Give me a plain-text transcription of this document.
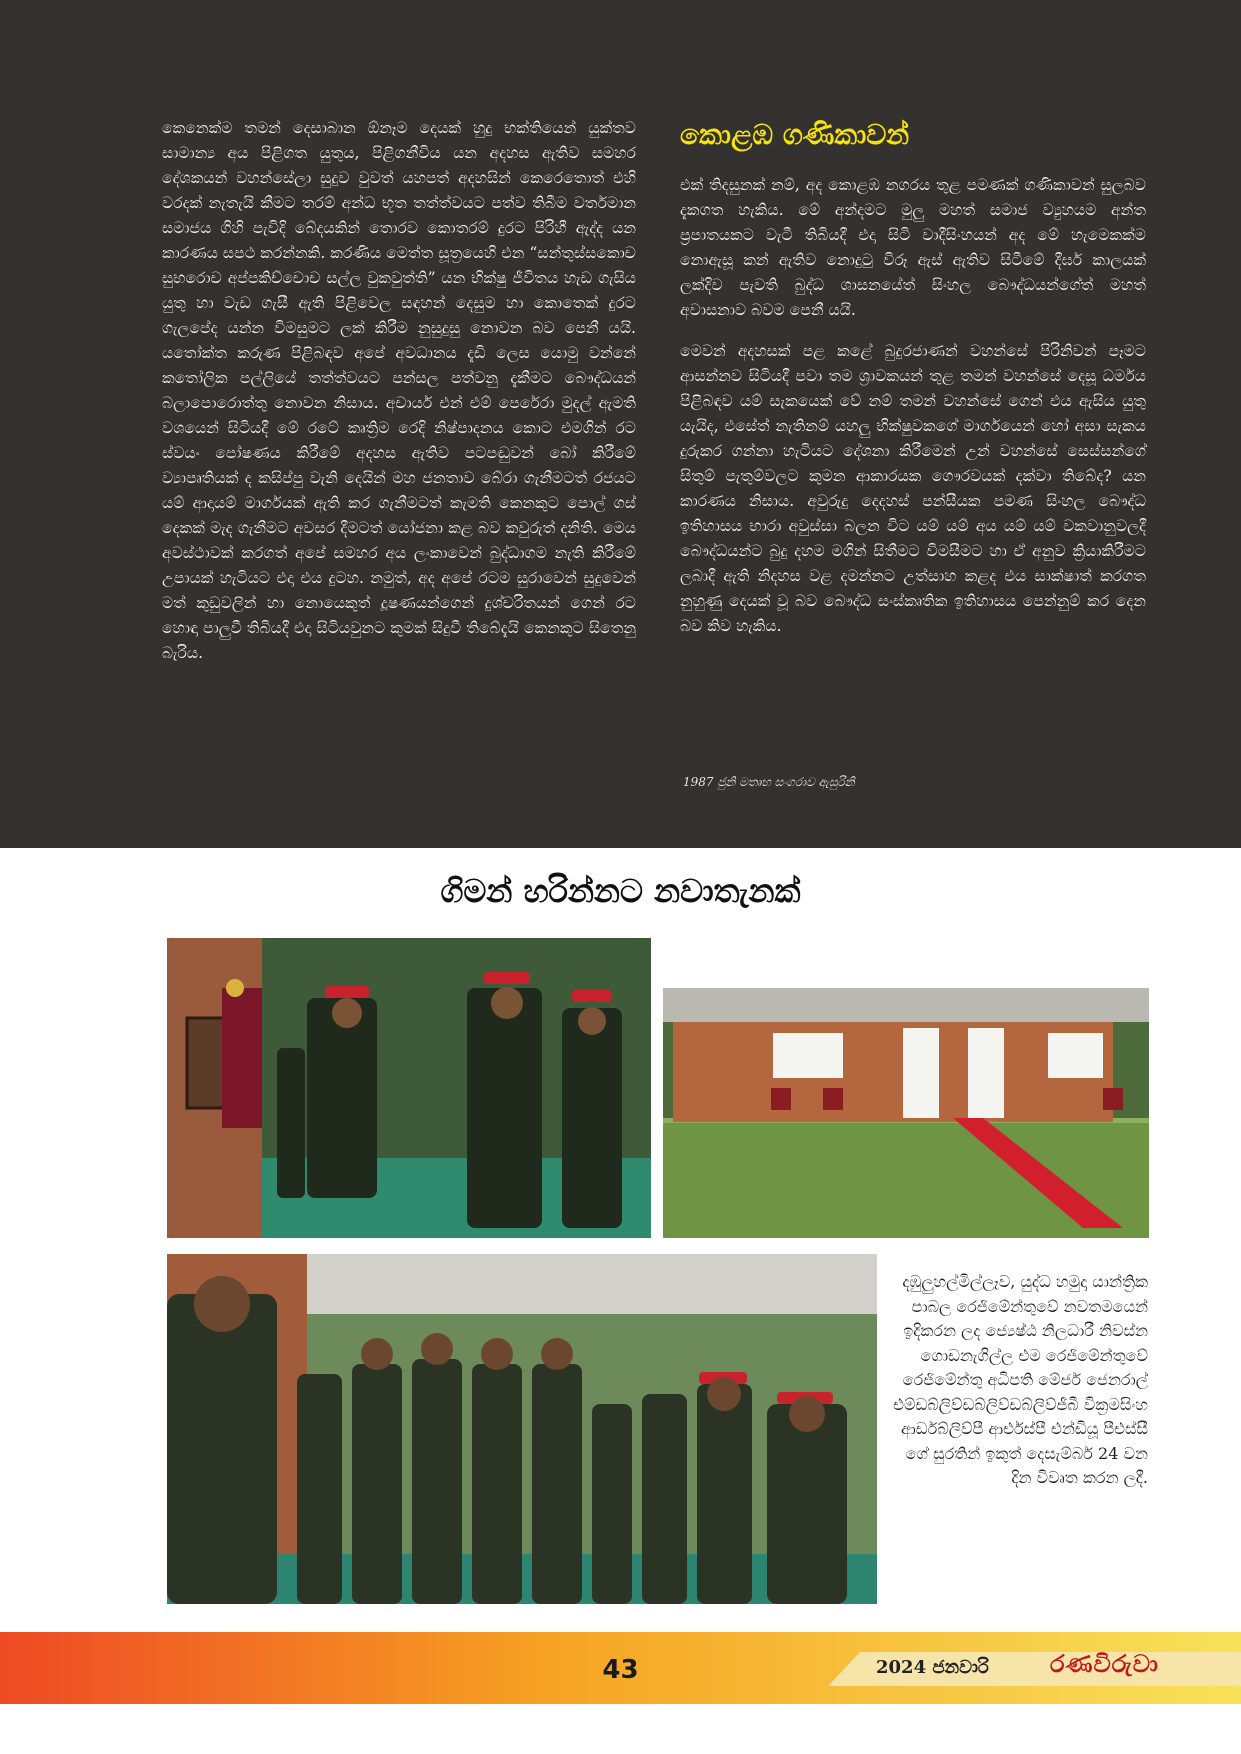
කෙනෙක්ම තමන් දෙසාබාන ඕනෑම දෙයක් හුදු භක්තියෙන් යුක්තව සාමාන්‍ය අය පිළිගත යුතුය, පිළිගනීවිය යන අදහස ඇතිව සමහර දේශකයන් වහන්සේලා සුදුව වුවත් යහපත් අදහසින් කෙරෙතොත් එහි වරදක් නැතැයි කීමට තරම් අන්ධ භූත තත්ත්වයට පත්ව තිබීම වර්තමාන සමාජය ගිහි පැවිදි බේදයකින් තොරව කොතරම් දුරට පිරිහී ඇද්ද යන කාරණය සපථ කරන්නකි. කරණිය මෙත්ත සූත්‍රයෙහි එන “සන්තුස්සකොච සුභරොච අප්පකිච්චොච සල්ල වුකවුත්ති” යන භික්ෂු ජීවිතය හැඩ ගැසිය යුතු හා වැඩ ගැසී ඇති පිළිවෙල සඳහන් දෙසුම හා කොතෙක් දුරට ගැලපේද යන්න විමසුමට ලක් කිරීම නුසුදුසු නොවන බව පෙනී යයි. යතෝක්ත කරුණ පිළිබඳව අපේ අවධානය දැඩි ලෙස යොමු වන්නේ කතෝලික පල්ලියේ තත්ත්වයට පන්සල පත්වනු දැකීමට බෞද්ධයන් බලාපොරොත්තු නොවන නිසාය. අචාර්ය එන් එම් පෙරේරා මුදල් ඇමති වශයෙන් සිටියදී මේ රටේ කෘත්‍රිම රෙදි නිෂ්පාදනය කොට එමගින් රට ස්වයං පෝෂණය කිරීමේ අදහස ඇතිව පටපඬුවන් බෝ කිරීමේ ව්‍යාපෘතියක් ද කසිප්පු වැනි දෙයින් මහ ජනතාව බේරා ගැනීමටත් රජයට යම් ආදායම් මාර්ගයක් ඇති කර ගැනීමටත් කැමති කෙනකුට පොල් ගස් දෙකක් මැද ගැනීමට අවසර දීමටත් යෝජනා කළ බව කවුරුත් දනිති. මෙය අවස්ථාවක් කරගත් අපේ සමහර අය ලංකාවෙන් බුද්ධාගම නැති කිරීමේ උපායක් හැටියට එදා එය දුටහ. නමුත්, අද අපේ රටම සුරාවෙන් සුදුවෙන් මත් කුඩුවලින් හා නොයෙකුත් දූෂණයන්ගෙන් දුශ්චරිතයන් ගෙන් රට හොඳා පාලුවී තිබියදී එදා සිටියවුනට කුමක් සිදුවී තිබේදැයි කෙනකුට සිතෙනු බැරිය.

කොළඹ ගණිකාවන්

එක් තිදසුනක් නම්, අද කොළඹ නගරය තුළ පමණක් ගණිකාවන් සුලබව දැකගත හැකිය. මේ අන්දමට මුලු මහත් සමාජ ව්‍යුහයම අන්ත ප්‍රපාතයකට වැටී තිබියදී එදා සිටි වාදීසිංහයන් අද මේ හැමෙකක්ම නොඇසූ කන් ඇතිව නොදුටු විරූ ඇස් ඇතිව සිටීමේ දීර්ඝ කාලයක් ලක්දිව පැවති බුද්ධ ශාසනයේත් සිංහල බෞද්ධයන්ගේත් මහත් අවාසනාව බවම පෙනී යයි.

මෙවන් අදහසක් පළ කළේ බුදුරජාණන් වහන්සේ පිරිනිවන් පෑමට ආසන්නව සිටියදී පවා තම ශ්‍රාවකයන් තුළ තමන් වහන්සේ දෙසූ ධර්මය පිළිබඳව යම් සැකයෙක් වේ නම් තමන් වහන්සේ ගෙන් එය ඇසිය යුතු යැයිද, එසේත් නැතිනම් යහලු භික්ෂුවකගේ මාර්ගයෙන් හෝ අසා සැකය දුරුකර ගන්නා හැටියට දේශනා කිරීමෙන් උන් වහන්සේ සෙස්සන්ගේ සිතුම් පැතුම්වලට කුමන ආකාරයක ගෞරවයක් දක්වා තිබේද? යන කාරණය නිසාය. අවුරුදු දෙදහස් පන්සීයක පමණ සිංහල බෞද්ධ ඉතිහාසය භාරා අවුස්සා බලන විට යම් යම් අය යම් යම් වකවානුවලදී බෞද්ධයන්ට බුදු දහම මගින් සිතීමට විමසීමට හා ඒ අනුව ක්‍රියාකිරීමට ලබාදී ඇති නිදහස වළ දමන්නට උත්සාහ කළද එය සාක්ෂාත් කරගත නුහුණු දෙයක් වූ බව බෞද්ධ සංස්කෘතික ඉතිහාසය පෙන්නුම් කර දෙන බව කිව හැකිය.

1987 ජුනි මතෘභ සංගරාව ඇසුරිනි
ගිමන් හරින්නට නවාතැනක්
දඹුලුහල්මිල්ලෑව, යුද්ධ හමුදා යාන්ත්‍රික පාබල රෙජිමේන්තුවේ නවතමයෙන් ඉදිකරන ලද ජ්‍යෙෂ්ඨ නිලධාරී නිවස්න ගොඩනැගිල්ල එම රෙජිමේන්තුවේ රෙජිමේන්තු අධිපති මේජර් ජෙනරාල් එම්ඩබ්ලිව්ඩබ්ලිව්ඩබ්ලිව්ජීබී වික්‍රමසිංහ ආර්ඩබ්ලිව්පී ආර්එස්පී එන්ඩියූ පීඑස්සී ගේ සුරතින් ඉකුත් දෙසැම්බර් 24 වන දින විවෘත කරන ලදී.
43	2024 ජනවාරි	රණවිරුවා
